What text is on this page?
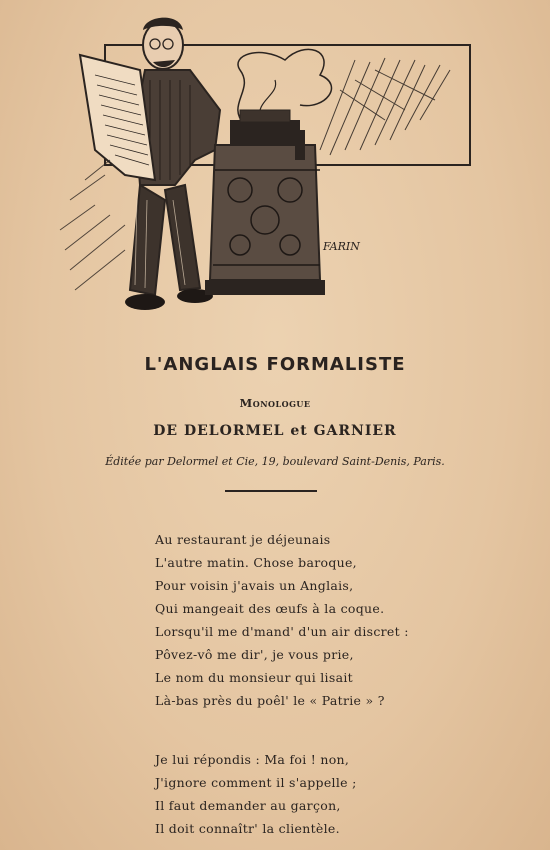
FARIN
L'ANGLAIS FORMALISTE
Monologue
DE DELORMEL et GARNIER
Éditée par Delormel et Cie, 19, boulevard Saint-Denis, Paris.
Au restaurant je déjeunais
L'autre matin. Chose baroque,
Pour voisin j'avais un Anglais,
Qui mangeait des œufs à la coque.
Lorsqu'il me d'mand' d'un air discret :
Pôvez-vô me dir', je vous prie,
Le nom du monsieur qui lisait
Là-bas près du poêl' le « Patrie » ?
Je lui répondis : Ma foi ! non,
J'ignore comment il s'appelle ;
Il faut demander au garçon,
Il doit connaîtr' la clientèle.
